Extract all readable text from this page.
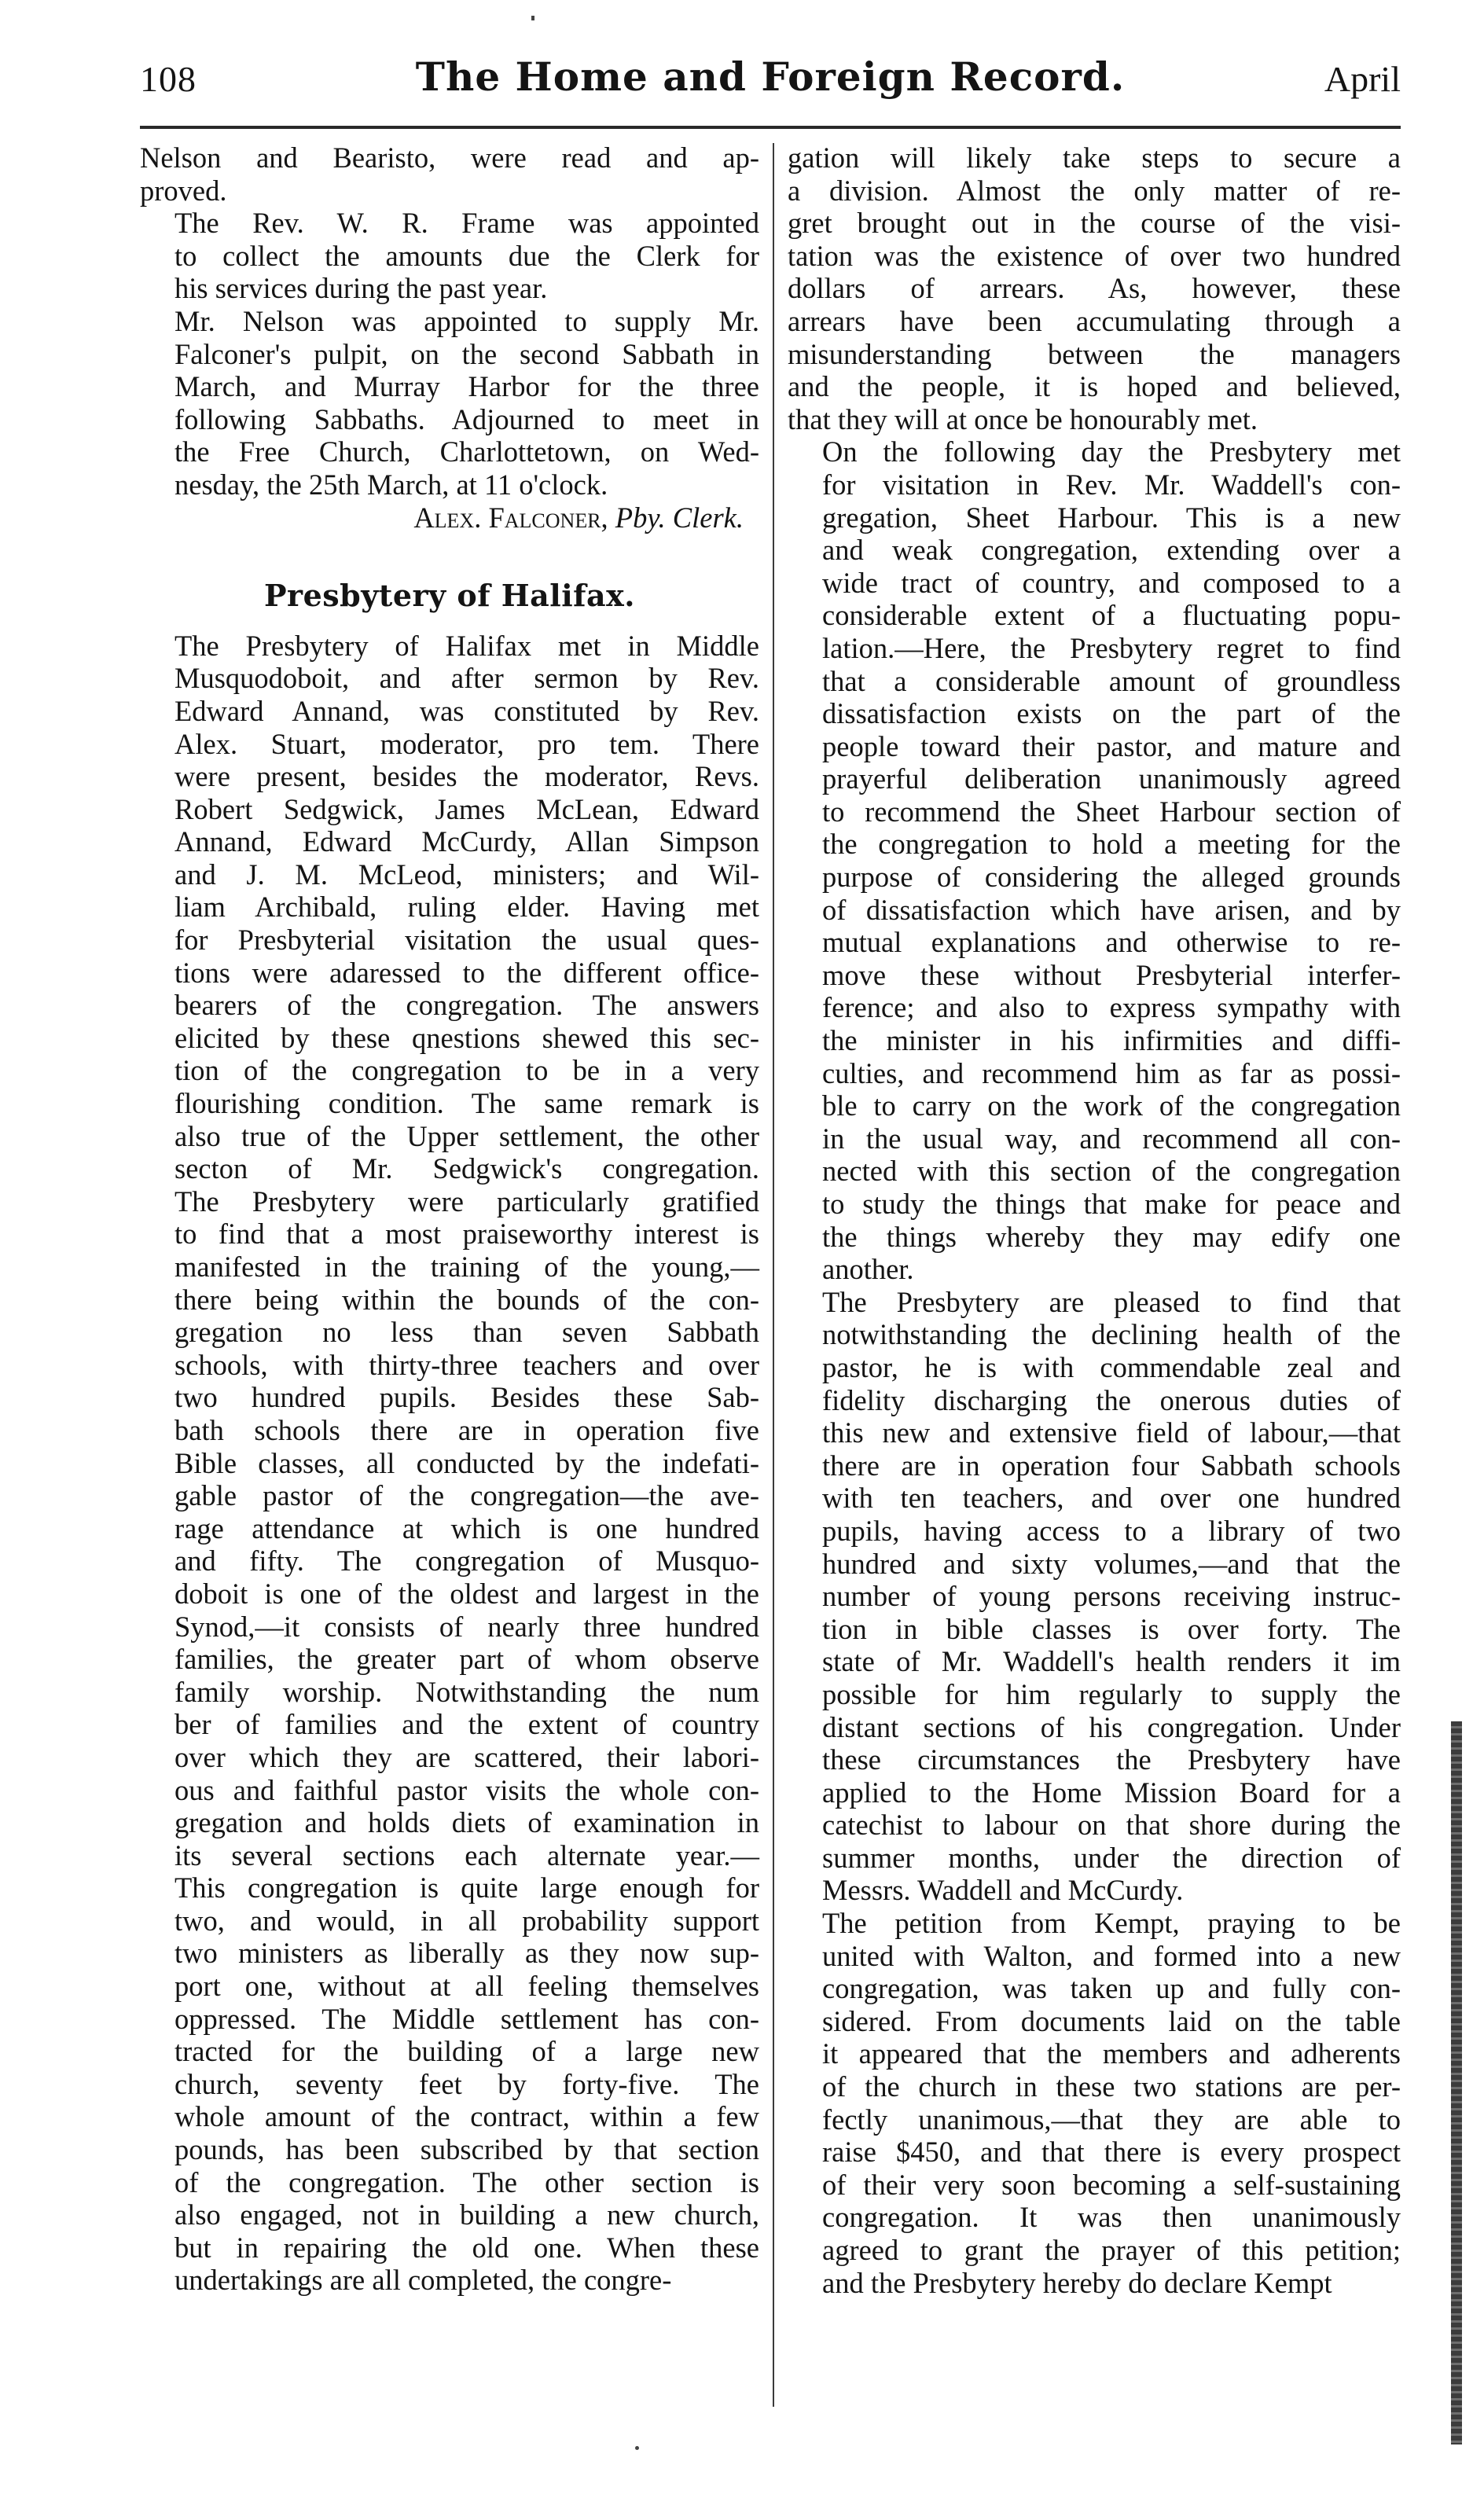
108	The Home and Foreign Record.	April

Nelson and Bearisto, were read and ap-
proved.

The Rev. W. R. Frame was appointed
to collect the amounts due the Clerk for
his services during the past year.

Mr. Nelson was appointed to supply Mr.
Falconer's pulpit, on the second Sabbath in
March, and Murray Harbor for the three
following Sabbaths. Adjourned to meet in
the Free Church, Charlottetown, on Wed-
nesday, the 25th March, at 11 o'clock.

Alex. Falconer, Pby. Clerk.

Presbytery of Halifax.

The Presbytery of Halifax met in Middle
Musquodoboit, and after sermon by Rev.
Edward Annand, was constituted by Rev.
Alex. Stuart, moderator, pro tem. There
were present, besides the moderator, Revs.
Robert Sedgwick, James McLean, Edward
Annand, Edward McCurdy, Allan Simpson
and J. M. McLeod, ministers; and Wil-
liam Archibald, ruling elder. Having met
for Presbyterial visitation the usual ques-
tions were adaressed to the different office-
bearers of the congregation. The answers
elicited by these qnestions shewed this sec-
tion of the congregation to be in a very
flourishing condition. The same remark is
also true of the Upper settlement, the other
secton of Mr. Sedgwick's congregation.
The Presbytery were particularly gratified
to find that a most praiseworthy interest is
manifested in the training of the young,—
there being within the bounds of the con-
gregation no less than seven Sabbath
schools, with thirty-three teachers and over
two hundred pupils. Besides these Sab-
bath schools there are in operation five
Bible classes, all conducted by the indefati-
gable pastor of the congregation—the ave-
rage attendance at which is one hundred
and fifty. The congregation of Musquo-
doboit is one of the oldest and largest in the
Synod,—it consists of nearly three hundred
families, the greater part of whom observe
family worship. Notwithstanding the num
ber of families and the extent of country
over which they are scattered, their labori-
ous and faithful pastor visits the whole con-
gregation and holds diets of examination in
its several sections each alternate year.—
This congregation is quite large enough for
two, and would, in all probability support
two ministers as liberally as they now sup-
port one, without at all feeling themselves
oppressed. The Middle settlement has con-
tracted for the building of a large new
church, seventy feet by forty-five. The
whole amount of the contract, within a few
pounds, has been subscribed by that section
of the congregation. The other section is
also engaged, not in building a new church,
but in repairing the old one. When these
undertakings are all completed, the congre-

gation will likely take steps to secure a
a division. Almost the only matter of re-
gret brought out in the course of the visi-
tation was the existence of over two hundred
dollars of arrears. As, however, these
arrears have been accumulating through a
misunderstanding between the managers
and the people, it is hoped and believed,
that they will at once be honourably met.

On the following day the Presbytery met
for visitation in Rev. Mr. Waddell's con-
gregation, Sheet Harbour. This is a new
and weak congregation, extending over a
wide tract of country, and composed to a
considerable extent of a fluctuating popu-
lation.—Here, the Presbytery regret to find
that a considerable amount of groundless
dissatisfaction exists on the part of the
people toward their pastor, and mature and
prayerful deliberation unanimously agreed
to recommend the Sheet Harbour section of
the congregation to hold a meeting for the
purpose of considering the alleged grounds
of dissatisfaction which have arisen, and by
mutual explanations and otherwise to re-
move these without Presbyterial interfer-
ference; and also to express sympathy with
the minister in his infirmities and diffi-
culties, and recommend him as far as possi-
ble to carry on the work of the congregation
in the usual way, and recommend all con-
nected with this section of the congregation
to study the things that make for peace and
the things whereby they may edify one
another.

The Presbytery are pleased to find that
notwithstanding the declining health of the
pastor, he is with commendable zeal and
fidelity discharging the onerous duties of
this new and extensive field of labour,—that
there are in operation four Sabbath schools
with ten teachers, and over one hundred
pupils, having access to a library of two
hundred and sixty volumes,—and that the
number of young persons receiving instruc-
tion in bible classes is over forty. The
state of Mr. Waddell's health renders it im
possible for him regularly to supply the
distant sections of his congregation. Under
these circumstances the Presbytery have
applied to the Home Mission Board for a
catechist to labour on that shore during the
summer months, under the direction of
Messrs. Waddell and McCurdy.

The petition from Kempt, praying to be
united with Walton, and formed into a new
congregation, was taken up and fully con-
sidered. From documents laid on the table
it appeared that the members and adherents
of the church in these two stations are per-
fectly unanimous,—that they are able to
raise $450, and that there is every prospect
of their very soon becoming a self-sustaining
congregation. It was then unanimously
agreed to grant the prayer of this petition;
and the Presbytery hereby do declare Kempt
